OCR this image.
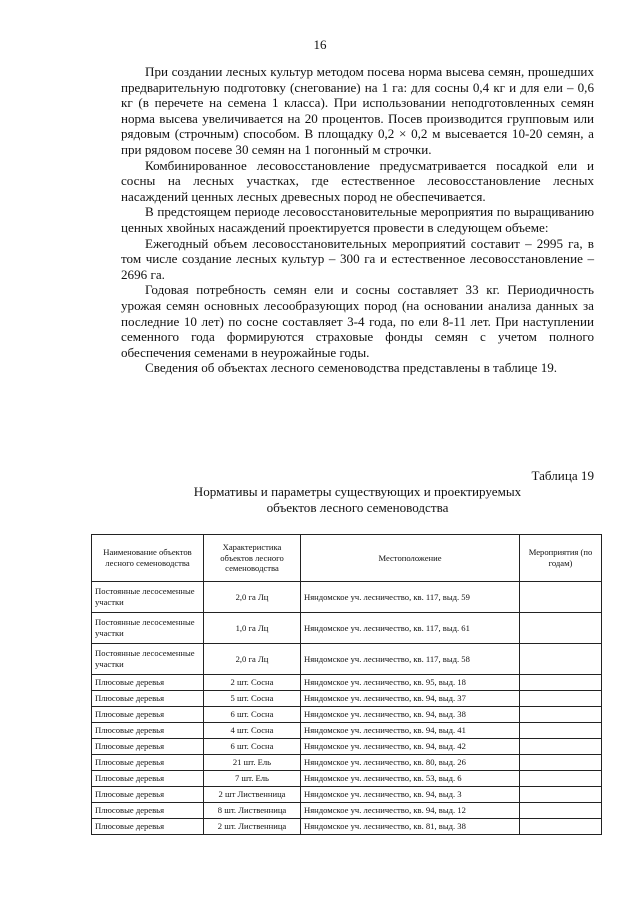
16

При создании лесных культур методом посева норма высева семян, прошедших предварительную подготовку (снегование) на 1 га: для сосны 0,4 кг и для ели – 0,6 кг (в перечете на семена 1 класса). При использовании неподготовленных семян норма высева увеличивается на 20 процентов. Посев производится групповым или рядовым (строчным) способом. В площадку 0,2 × 0,2 м высевается 10-20 семян, а при рядовом посеве 30 семян на 1 погонный м строчки.

Комбинированное лесовосстановление предусматривается посадкой ели и сосны на лесных участках, где естественное лесовосстановление лесных насаждений ценных лесных древесных пород не обеспечивается.

В предстоящем периоде лесовосстановительные мероприятия по выращиванию ценных хвойных насаждений проектируется провести в следующем объеме:

Ежегодный объем лесовосстановительных мероприятий составит – 2995 га, в том числе создание лесных культур – 300 га и естественное лесовосстановление – 2696 га.

Годовая потребность семян ели и сосны составляет 33 кг. Периодичность урожая семян основных лесообразующих пород (на основании анализа данных за последние 10 лет) по сосне составляет 3-4 года, по ели 8-11 лет. При наступлении семенного года формируются страховые фонды семян с учетом полного обеспечения семенами в неурожайные годы.

Сведения об объектах лесного семеноводства представлены в таблице 19.

Таблица 19
Нормативы и параметры существующих и проектируемых
объектов лесного семеноводства
Наименование объектов лесного семеноводства	Характеристика объектов лесного семеноводства	Местоположение	Мероприятия (по годам)
Постоянные лесосеменные участки	2,0 га Лц	Няндомское уч. лесничество, кв. 117, выд. 59	
Постоянные лесосеменные участки	1,0 га Лц	Няндомское уч. лесничество, кв. 117, выд. 61	
Постоянные лесосеменные участки	2,0 га Лц	Няндомское уч. лесничество, кв. 117, выд. 58	
Плюсовые деревья	2 шт. Сосна	Няндомское уч. лесничество, кв. 95, выд. 18	
Плюсовые деревья	5 шт. Сосна	Няндомское уч. лесничество, кв. 94, выд. 37	
Плюсовые деревья	6 шт. Сосна	Няндомское уч. лесничество, кв. 94, выд. 38	
Плюсовые деревья	4 шт. Сосна	Няндомское уч. лесничество, кв. 94, выд. 41	
Плюсовые деревья	6 шт. Сосна	Няндомское уч. лесничество, кв. 94, выд. 42	
Плюсовые деревья	21 шт. Ель	Няндомское уч. лесничество, кв. 80, выд. 26	
Плюсовые деревья	7 шт. Ель	Няндомское уч. лесничество, кв. 53, выд. 6	
Плюсовые деревья	2 шт Лиственница	Няндомское уч. лесничество, кв. 94, выд. 3	
Плюсовые деревья	8 шт. Лиственница	Няндомское уч. лесничество, кв. 94, выд. 12	
Плюсовые деревья	2 шт. Лиственница	Няндомское уч. лесничество, кв. 81, выд. 38	
